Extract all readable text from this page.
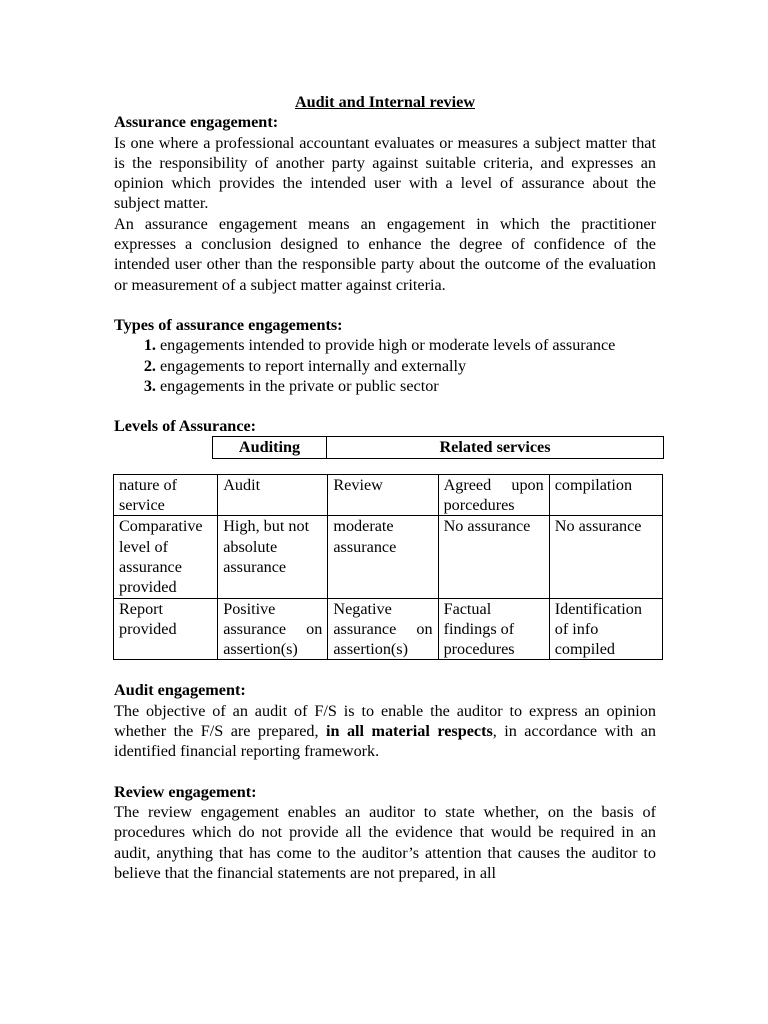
Audit and Internal review
Assurance engagement:

Is one where a professional accountant evaluates or measures a subject matter that is the responsibility of another party against suitable criteria, and expresses an opinion which provides the intended user with a level of assurance about the subject matter.

An assurance engagement means an engagement in which the practitioner expresses a conclusion designed to enhance the degree of confidence of the intended user other than the responsible party about the outcome of the evaluation or measurement of a subject matter against criteria.

Types of assurance engagements:
1. engagements intended to provide high or moderate levels of assurance
2. engagements to report internally and externally
3. engagements in the private or public sector
Levels of Assurance:
Auditing	Related services
nature of service	Audit	Review	Agreed upon porcedures	compilation
Comparative level of assurance provided	High, but not absolute assurance	moderate assurance	No assurance	No assurance
Report provided	Positive assurance on assertion(s)	Negative assurance on assertion(s)	Factual findings of procedures	Identification of info compiled
Audit engagement:

The objective of an audit of F/S is to enable the auditor to express an opinion whether the F/S are prepared, in all material respects, in accordance with an identified financial reporting framework.

Review engagement:

The review engagement enables an auditor to state whether, on the basis of procedures which do not provide all the evidence that would be required in an audit, anything that has come to the auditor’s attention that causes the auditor to believe that the financial statements are not prepared, in all
